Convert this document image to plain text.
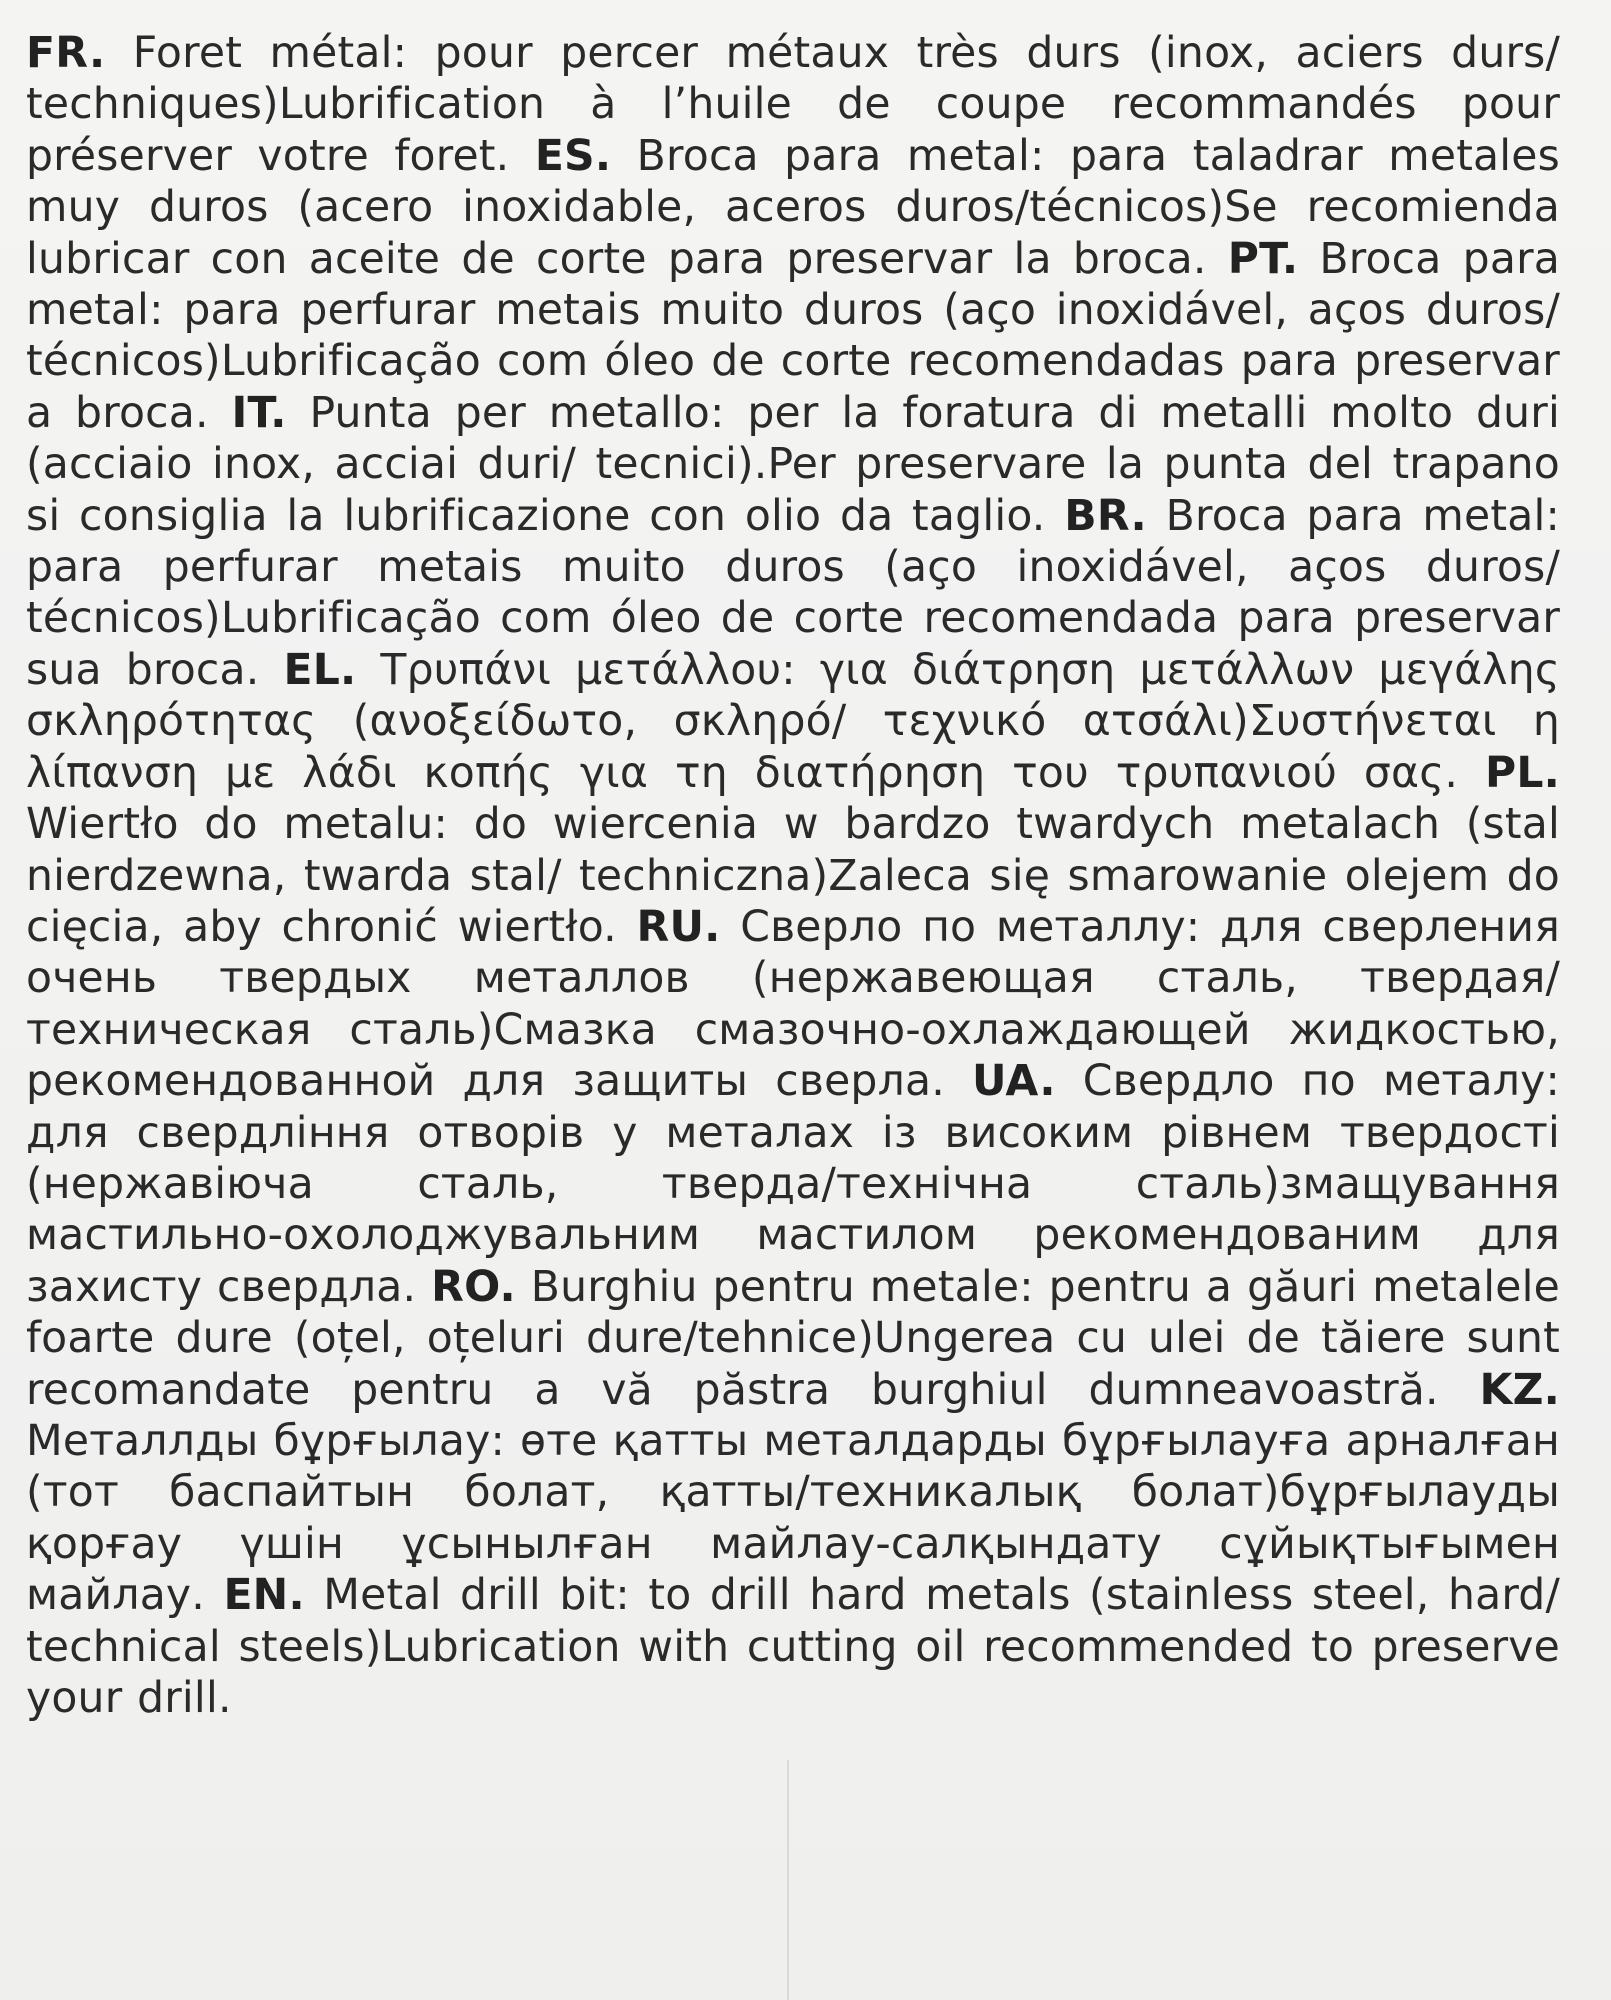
FR. Foret métal: pour percer métaux très durs (inox, aciers durs/ techniques)Lubrification à l’huile de coupe recommandés pour préserver votre foret. ES. Broca para metal: para taladrar metales muy duros (acero inoxidable, aceros duros/técnicos)Se recomienda lubricar con aceite de corte para preservar la broca. PT. Broca para metal: para perfurar metais muito duros (aço inoxidável, aços duros/ técnicos)Lubrificação com óleo de corte recomendadas para preservar a broca. IT. Punta per metallo: per la foratura di metalli molto duri (acciaio inox, acciai duri/ tecnici).Per preservare la punta del trapano si consiglia la lubrificazione con olio da taglio. BR. Broca para metal: para perfurar metais muito duros (aço inoxidável, aços duros/ técnicos)Lubrificação com óleo de corte recomendada para preservar sua broca. EL. Τρυπάνι μετάλλου: για διάτρηση μετάλλων μεγάλης σκληρότητας (ανοξείδωτο, σκληρό/ τεχνικό ατσάλι)Συστήνεται η λίπανση με λάδι κοπής για τη διατήρηση του τρυπανιού σας. PL. Wiertło do metalu: do wiercenia w bardzo twardych metalach (stal nierdzewna, twarda stal/ techniczna)Zaleca się smarowanie olejem do cięcia, aby chronić wiertło. RU. Сверло по металлу: для сверления очень твердых металлов (нержавеющая сталь, твердая/ техническая сталь)Смазка смазочно-охлаждающей жидкостью, рекомендованной для защиты сверла. UA. Свердло по металу: для свердління отворів у металах із високим рівнем твердості (нержавіюча сталь, тверда/технічна сталь)змащування мастильно-охолоджувальним мастилом рекомендованим для захисту свердла. RO. Burghiu pentru metale: pentru a găuri metalele foarte dure (oțel, oțeluri dure/tehnice)Ungerea cu ulei de tăiere sunt recomandate pentru a vă păstra burghiul dumneavoastră. KZ. Металлды бұрғылау: өте қатты металдарды бұрғылауға арналған (тот баспайтын болат, қатты/техникалық болат)бұрғылауды қорғау үшін ұсынылған майлау-салқындату сұйықтығымен майлау. EN. Metal drill bit: to drill hard metals (stainless steel, hard/ technical steels)Lubrication with cutting oil recommended to preserve your drill.
